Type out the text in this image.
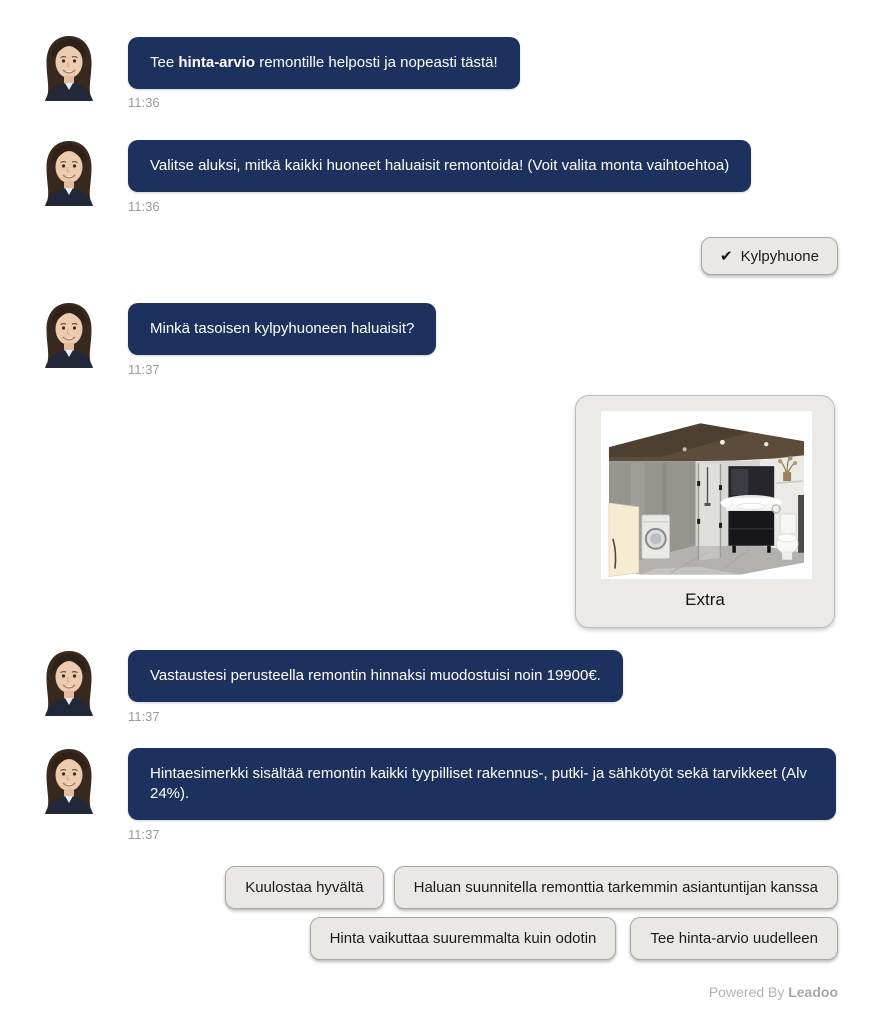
Tee hinta-arvio remontille helposti ja nopeasti tästä!
11:36
Valitse aluksi, mitkä kaikki huoneet haluaisit remontoida! (Voit valita monta vaihtoehtoa)
11:36
✔ Kylpyhuone
Minkä tasoisen kylpyhuoneen haluaisit?
11:37
Extra
Vastaustesi perusteella remontin hinnaksi muodostuisi noin 19900€.
11:37
Hintaesimerkki sisältää remontin kaikki tyypilliset rakennus-, putki- ja sähkötyöt sekä tarvikkeet (Alv 24%).
11:37
Kuulostaa hyvältä	Haluan suunnitella remonttia tarkemmin asiantuntijan kanssa
Hinta vaikuttaa suuremmalta kuin odotin	Tee hinta-arvio uudelleen
Powered By Leadoo
